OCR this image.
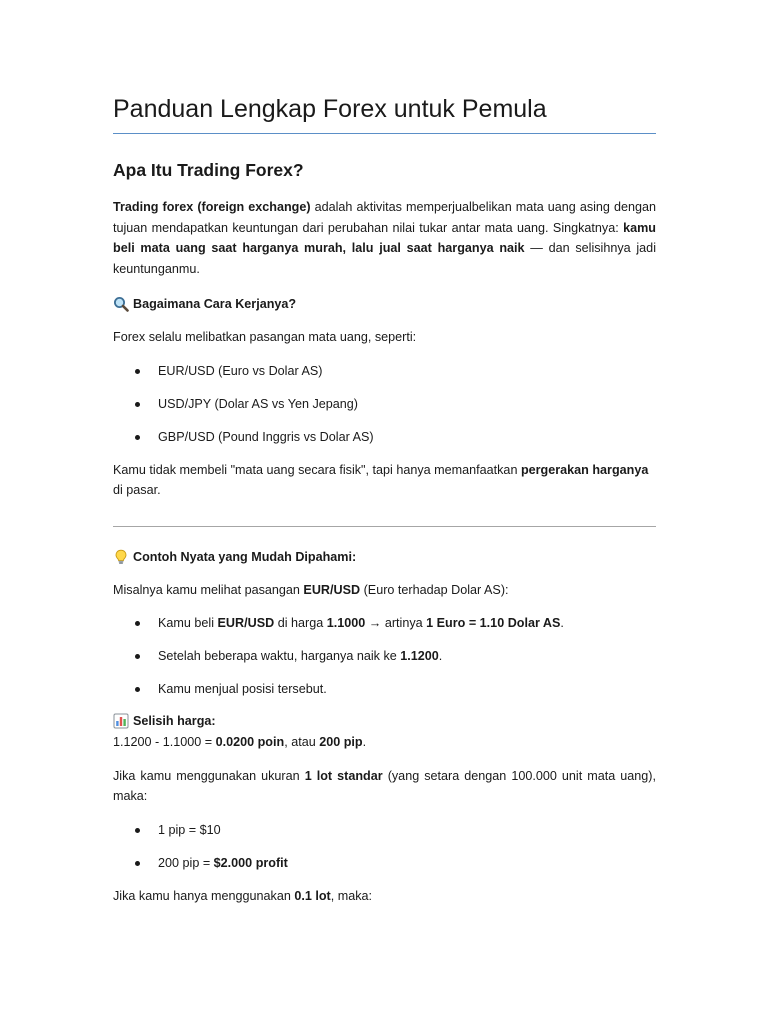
Panduan Lengkap Forex untuk Pemula
Apa Itu Trading Forex?

Trading forex (foreign exchange) adalah aktivitas memperjualbelikan mata uang asing dengan tujuan mendapatkan keuntungan dari perubahan nilai tukar antar mata uang. Singkatnya: kamu beli mata uang saat harganya murah, lalu jual saat harganya naik — dan selisihnya jadi keuntunganmu.

Bagaimana Cara Kerjanya?

Forex selalu melibatkan pasangan mata uang, seperti:

EUR/USD (Euro vs Dolar AS)
USD/JPY (Dolar AS vs Yen Jepang)
GBP/USD (Pound Inggris vs Dolar AS)

Kamu tidak membeli "mata uang secara fisik", tapi hanya memanfaatkan pergerakan harganya di pasar.

Contoh Nyata yang Mudah Dipahami:

Misalnya kamu melihat pasangan EUR/USD (Euro terhadap Dolar AS):

Kamu beli EUR/USD di harga 1.1000 → artinya 1 Euro = 1.10 Dolar AS.
Setelah beberapa waktu, harganya naik ke 1.1200.
Kamu menjual posisi tersebut.
Selisih harga:

1.1200 - 1.1000 = 0.0200 poin, atau 200 pip.

Jika kamu menggunakan ukuran 1 lot standar (yang setara dengan 100.000 unit mata uang), maka:

1 pip = $10
200 pip = $2.000 profit

Jika kamu hanya menggunakan 0.1 lot, maka:
